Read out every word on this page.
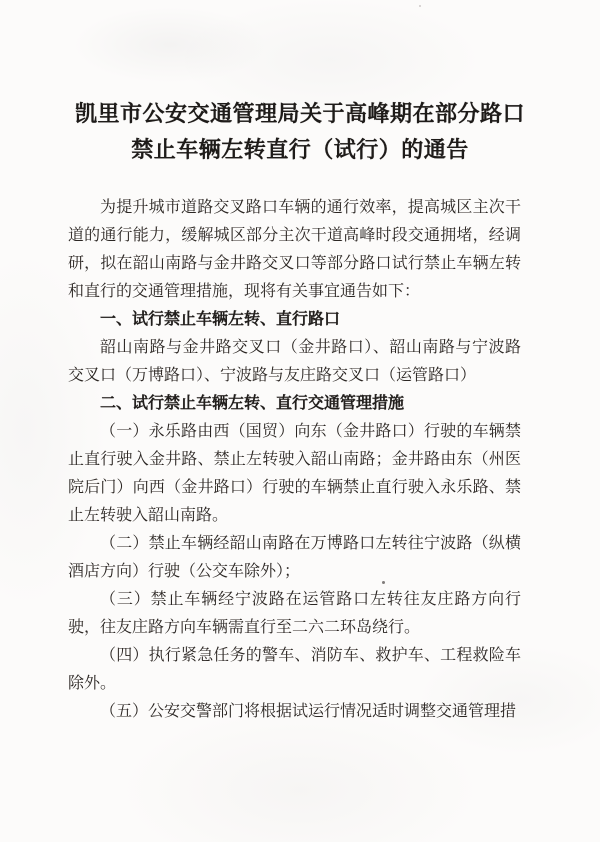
凯里市公安交通管理局关于高峰期在部分路口
禁止车辆左转直行（试行）的通告

为提升城市道路交叉路口车辆的通行效率，提高城区主次干道的通行能力，缓解城区部分主次干道高峰时段交通拥堵，经调研，拟在韶山南路与金井路交叉口等部分路口试行禁止车辆左转和直行的交通管理措施，现将有关事宜通告如下：

一、试行禁止车辆左转、直行路口

韶山南路与金井路交叉口（金井路口）、韶山南路与宁波路交叉口（万博路口）、宁波路与友庄路交叉口（运管路口）

二、试行禁止车辆左转、直行交通管理措施

（一）永乐路由西（国贸）向东（金井路口）行驶的车辆禁止直行驶入金井路、禁止左转驶入韶山南路；金井路由东（州医院后门）向西（金井路口）行驶的车辆禁止直行驶入永乐路、禁止左转驶入韶山南路。

（二）禁止车辆经韶山南路在万博路口左转往宁波路（纵横酒店方向）行驶（公交车除外）；

（三）禁止车辆经宁波路在运管路口左转往友庄路方向行驶，往友庄路方向车辆需直行至二六二环岛绕行。

（四）执行紧急任务的警车、消防车、救护车、工程救险车除外。

（五）公安交警部门将根据试运行情况适时调整交通管理措
